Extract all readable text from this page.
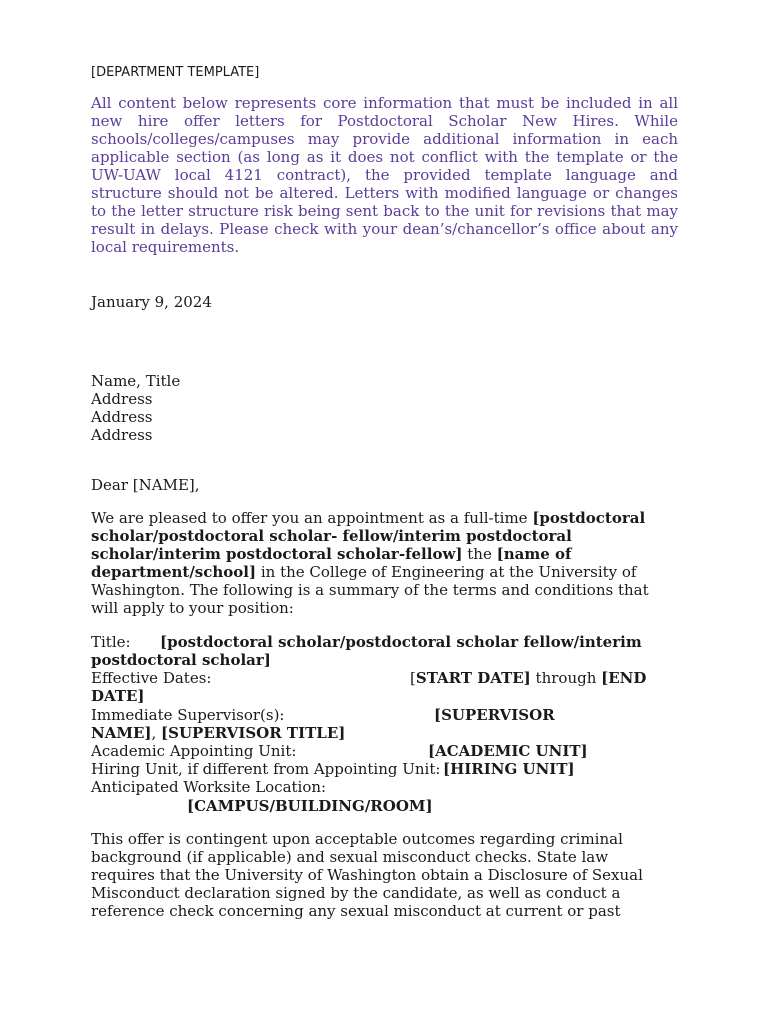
[DEPARTMENT TEMPLATE]
All content below represents core information that must be included in all
new hire offer letters for Postdoctoral Scholar New Hires. While
schools/colleges/campuses may provide additional information in each
applicable section (as long as it does not conflict with the template or the
UW-UAW local 4121 contract), the provided template language and
structure should not be altered. Letters with modified language or changes
to the letter structure risk being sent back to the unit for revisions that may
result in delays. Please check with your dean’s/chancellor’s office about any
local requirements.
January 9, 2024
Name, Title
Address
Address
Address
Dear [NAME],
We are pleased to offer you an appointment as a full-time [postdoctoral
scholar/postdoctoral scholar- fellow/interim postdoctoral
scholar/interim postdoctoral scholar-fellow] the [name of
department/school] in the College of Engineering at the University of
Washington. The following is a summary of the terms and conditions that
will apply to your position:
Title: [postdoctoral scholar/postdoctoral scholar fellow/interim
postdoctoral scholar]
Effective Dates:	[START DATE] through [END
DATE]
Immediate Supervisor(s):	[SUPERVISOR
NAME], [SUPERVISOR TITLE]
Academic Appointing Unit:	[ACADEMIC UNIT]
Hiring Unit, if different from Appointing Unit: [HIRING UNIT]
Anticipated Worksite Location:
[CAMPUS/BUILDING/ROOM]
This offer is contingent upon acceptable outcomes regarding criminal
background (if applicable) and sexual misconduct checks. State law
requires that the University of Washington obtain a Disclosure of Sexual
Misconduct declaration signed by the candidate, as well as conduct a
reference check concerning any sexual misconduct at current or past
